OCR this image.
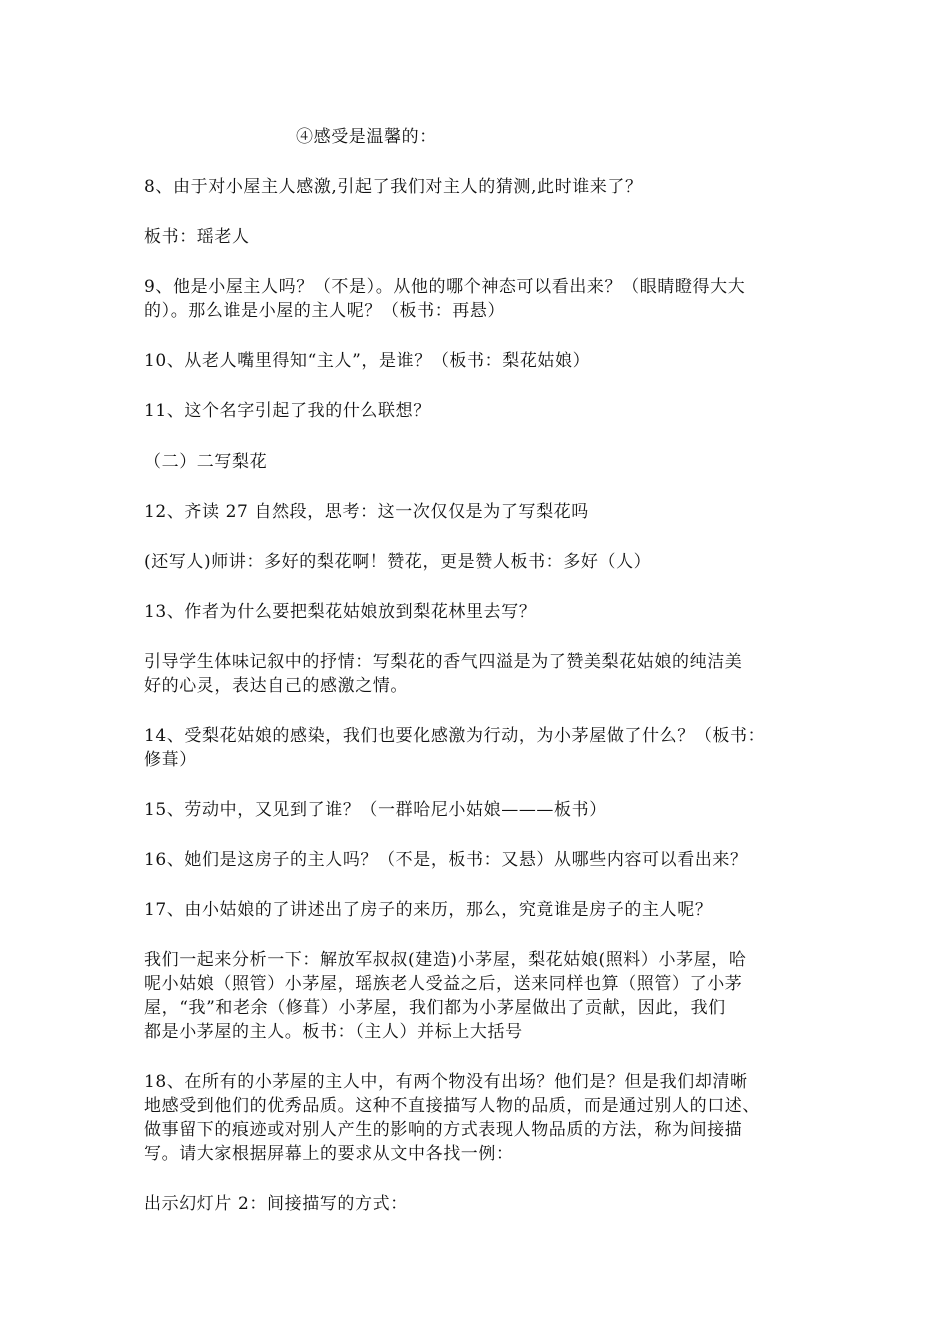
④感受是温馨的：
8、由于对小屋主人感激,引起了我们对主人的猜测,此时谁来了？
板书：瑶老人
9、他是小屋主人吗？（不是）。从他的哪个神态可以看出来？（眼睛瞪得大大
的）。那么谁是小屋的主人呢？（板书：再悬）
10、从老人嘴里得知“主人”，是谁？（板书：梨花姑娘）
11、这个名字引起了我的什么联想？
（二）二写梨花
12、齐读 27 自然段，思考：这一次仅仅是为了写梨花吗
(还写人)师讲：多好的梨花啊！赞花，更是赞人板书：多好（人）
13、作者为什么要把梨花姑娘放到梨花林里去写？
引导学生体味记叙中的抒情：写梨花的香气四溢是为了赞美梨花姑娘的纯洁美
好的心灵，表达自己的感激之情。
14、受梨花姑娘的感染，我们也要化感激为行动，为小茅屋做了什么？（板书：
修葺）
15、劳动中，又见到了谁？（一群哈尼小姑娘———板书）
16、她们是这房子的主人吗？（不是，板书：又悬）从哪些内容可以看出来？
17、由小姑娘的了讲述出了房子的来历，那么，究竟谁是房子的主人呢？
我们一起来分析一下：解放军叔叔(建造)小茅屋，梨花姑娘(照料）小茅屋，哈
呢小姑娘（照管）小茅屋，瑶族老人受益之后，送来同样也算（照管）了小茅
屋，“我”和老余（修葺）小茅屋，我们都为小茅屋做出了贡献，因此，我们
都是小茅屋的主人。板书：（主人）并标上大括号
18、在所有的小茅屋的主人中，有两个物没有出场？他们是？但是我们却清晰
地感受到他们的优秀品质。这种不直接描写人物的品质，而是通过别人的口述、
做事留下的痕迹或对别人产生的影响的方式表现人物品质的方法，称为间接描
写。请大家根据屏幕上的要求从文中各找一例：
出示幻灯片 2：间接描写的方式：
